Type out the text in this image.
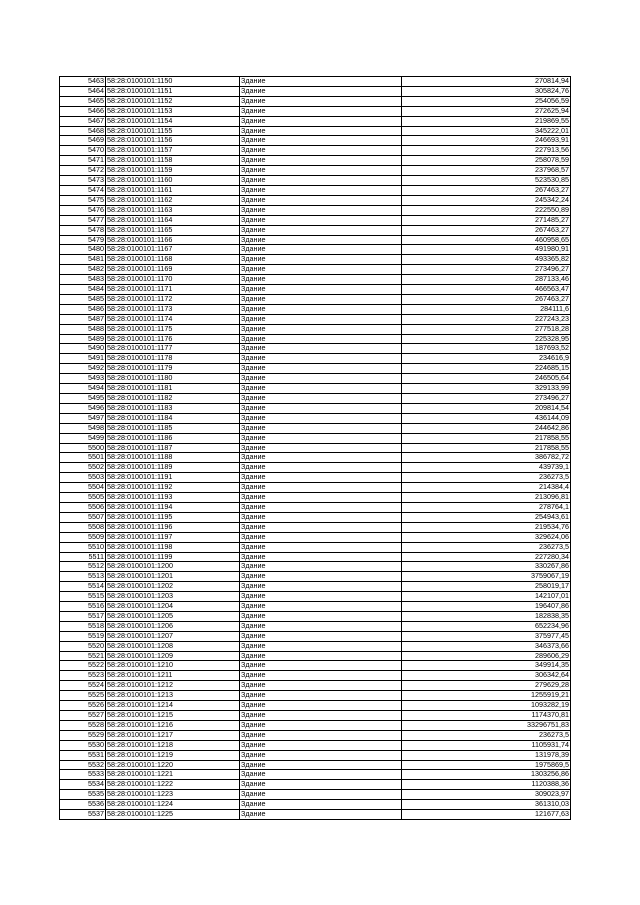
5463	58:28:0100101:1150	Здание	270814,94
5464	58:28:0100101:1151	Здание	305824,76
5465	58:28:0100101:1152	Здание	254056,59
5466	58:28:0100101:1153	Здание	272625,94
5467	58:28:0100101:1154	Здание	219869,55
5468	58:28:0100101:1155	Здание	345222,01
5469	58:28:0100101:1156	Здание	246693,91
5470	58:28:0100101:1157	Здание	227913,56
5471	58:28:0100101:1158	Здание	258078,59
5472	58:28:0100101:1159	Здание	237968,57
5473	58:28:0100101:1160	Здание	523530,85
5474	58:28:0100101:1161	Здание	267463,27
5475	58:28:0100101:1162	Здание	245342,24
5476	58:28:0100101:1163	Здание	222550,89
5477	58:28:0100101:1164	Здание	271485,27
5478	58:28:0100101:1165	Здание	267463,27
5479	58:28:0100101:1166	Здание	460958,65
5480	58:28:0100101:1167	Здание	491980,91
5481	58:28:0100101:1168	Здание	493365,82
5482	58:28:0100101:1169	Здание	273496,27
5483	58:28:0100101:1170	Здание	287133,46
5484	58:28:0100101:1171	Здание	466563,47
5485	58:28:0100101:1172	Здание	267463,27
5486	58:28:0100101:1173	Здание	284111,6
5487	58:28:0100101:1174	Здание	227243,23
5488	58:28:0100101:1175	Здание	277518,28
5489	58:28:0100101:1176	Здание	225328,95
5490	58:28:0100101:1177	Здание	187693,52
5491	58:28:0100101:1178	Здание	234616,9
5492	58:28:0100101:1179	Здание	224685,15
5493	58:28:0100101:1180	Здание	246505,64
5494	58:28:0100101:1181	Здание	329133,99
5495	58:28:0100101:1182	Здание	273496,27
5496	58:28:0100101:1183	Здание	209814,54
5497	58:28:0100101:1184	Здание	436144,09
5498	58:28:0100101:1185	Здание	244642,86
5499	58:28:0100101:1186	Здание	217858,55
5500	58:28:0100101:1187	Здание	217858,55
5501	58:28:0100101:1188	Здание	386782,72
5502	58:28:0100101:1189	Здание	439739,1
5503	58:28:0100101:1191	Здание	236273,5
5504	58:28:0100101:1192	Здание	214384,4
5505	58:28:0100101:1193	Здание	213096,81
5506	58:28:0100101:1194	Здание	278764,1
5507	58:28:0100101:1195	Здание	254943,61
5508	58:28:0100101:1196	Здание	219534,76
5509	58:28:0100101:1197	Здание	329624,06
5510	58:28:0100101:1198	Здание	236273,5
5511	58:28:0100101:1199	Здание	227280,34
5512	58:28:0100101:1200	Здание	330267,86
5513	58:28:0100101:1201	Здание	3759067,19
5514	58:28:0100101:1202	Здание	258019,17
5515	58:28:0100101:1203	Здание	142107,01
5516	58:28:0100101:1204	Здание	196407,86
5517	58:28:0100101:1205	Здание	182838,35
5518	58:28:0100101:1206	Здание	652234,96
5519	58:28:0100101:1207	Здание	375977,45
5520	58:28:0100101:1208	Здание	346373,66
5521	58:28:0100101:1209	Здание	289606,29
5522	58:28:0100101:1210	Здание	349914,35
5523	58:28:0100101:1211	Здание	306342,64
5524	58:28:0100101:1212	Здание	279629,28
5525	58:28:0100101:1213	Здание	1255919,21
5526	58:28:0100101:1214	Здание	1093282,19
5527	58:28:0100101:1215	Здание	1174370,81
5528	58:28:0100101:1216	Здание	33296751,83
5529	58:28:0100101:1217	Здание	236273,5
5530	58:28:0100101:1218	Здание	1105931,74
5531	58:28:0100101:1219	Здание	131978,39
5532	58:28:0100101:1220	Здание	1975869,5
5533	58:28:0100101:1221	Здание	1303256,86
5534	58:28:0100101:1222	Здание	1120388,36
5535	58:28:0100101:1223	Здание	309023,97
5536	58:28:0100101:1224	Здание	361310,03
5537	58:28:0100101:1225	Здание	121677,63
